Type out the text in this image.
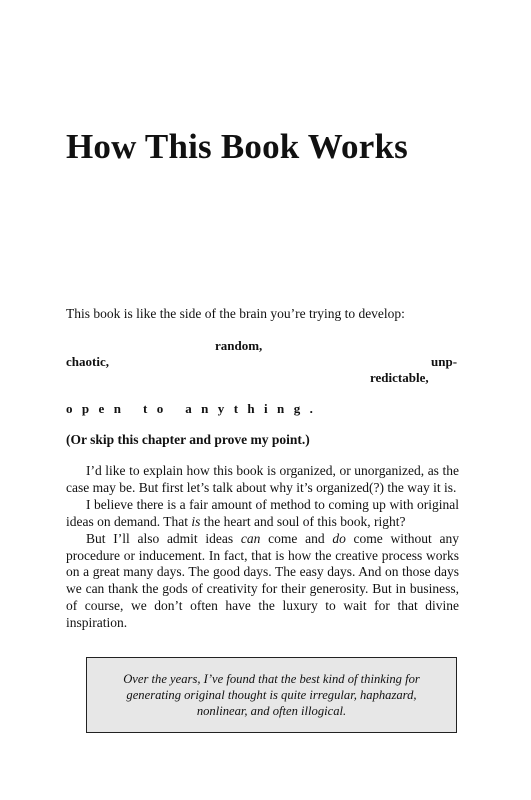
How This Book Works

This book is like the side of the brain you’re trying to develop:

random,
chaotic,	unp-
redictable,
open to anything.
(Or skip this chapter and prove my point.)

I’d like to explain how this book is organized, or unorganized, as the case may be. But first let’s talk about why it’s organized(?) the way it is.

I believe there is a fair amount of method to coming up with original ideas on demand. That is the heart and soul of this book, right?

But I’ll also admit ideas can come and do come without any procedure or inducement. In fact, that is how the creative process works on a great many days. The good days. The easy days. And on those days we can thank the gods of creativity for their generosity. But in business, of course, we don’t often have the luxury to wait for that divine inspiration.

Over the years, I’ve found that the best kind of thinking for generating original thought is quite irregular, haphazard, nonlinear, and often illogical.
